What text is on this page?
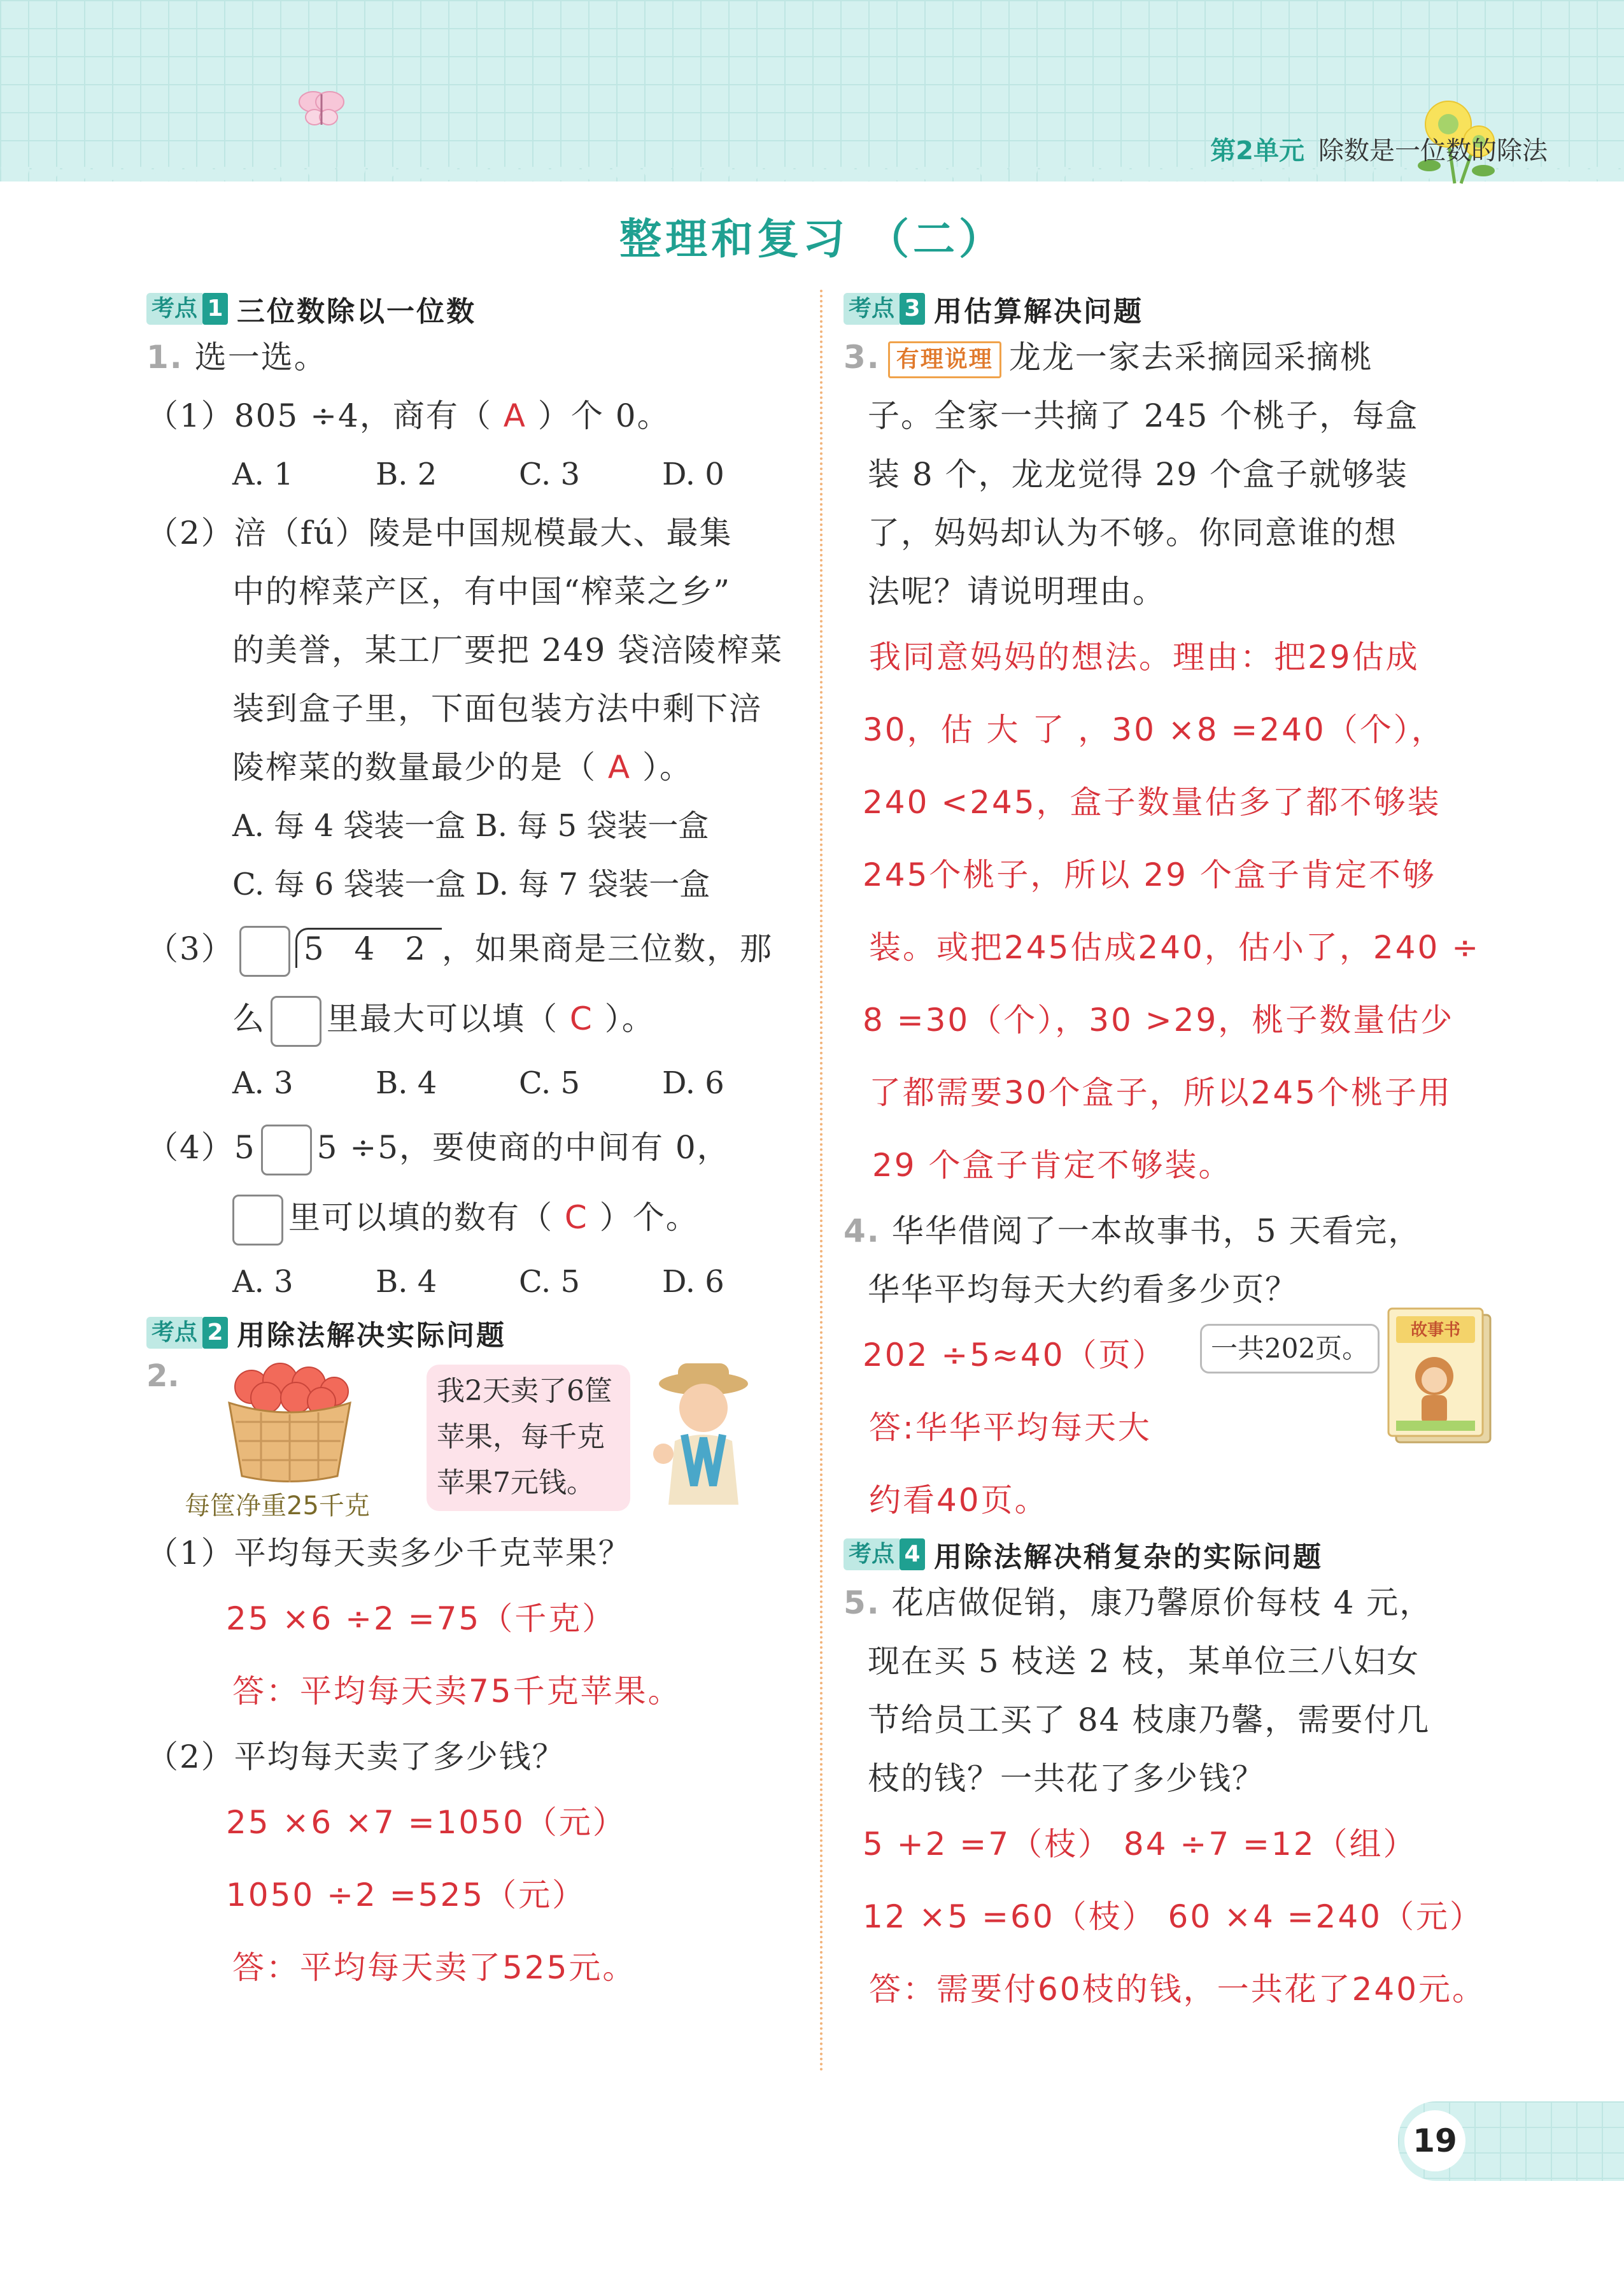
第2单元 除数是一位数的除法
整理和复习 （二）
考点 1 三位数除以一位数
1. 选一选。
（1）805 ÷4，商有（ A ）个 0。
A. 1	B. 2	C. 3	D. 0
（2）涪（fú）陵是中国规模最大、最集
中的榨菜产区，有中国“榨菜之乡”
的美誉，某工厂要把 249 袋涪陵榨菜
装到盒子里，下面包装方法中剩下涪
陵榨菜的数量最少的是（ A ）。
A. 每 4 袋装一盒 B. 每 5 袋装一盒
C. 每 6 袋装一盒 D. 每 7 袋装一盒
（3） 5 4 2 ，如果商是三位数，那
么 里最大可以填（ C ）。
A. 3	B. 4	C. 5	D. 6
（4）5 5 ÷5，要使商的中间有 0，
里可以填的数有（ C ）个。
A. 3	B. 4	C. 5	D. 6
考点 2 用除法解决实际问题
2.
每筐净重25千克
我2天卖了6筐
苹果，每千克
苹果7元钱。
（1）平均每天卖多少千克苹果？
25 ×6 ÷2 =75（千克）
答：平均每天卖75千克苹果。
（2）平均每天卖了多少钱？
25 ×6 ×7 =1050（元）
1050 ÷2 =525（元）
答：平均每天卖了525元。
考点 3 用估算解决问题
3. 有理说理 龙龙一家去采摘园采摘桃
子。全家一共摘了 245 个桃子，每盒
装 8 个，龙龙觉得 29 个盒子就够装
了，妈妈却认为不够。你同意谁的想
法呢？请说明理由。
我同意妈妈的想法。理由：把29估成
30，估 大 了 ，30 ×8 =240（个），
240 <245，盒子数量估多了都不够装
245个桃子，所以 29 个盒子肯定不够
装。或把245估成240，估小了，240 ÷
8 =30（个），30 >29，桃子数量估少
了都需要30个盒子，所以245个桃子用
29 个盒子肯定不够装。
4. 华华借阅了一本故事书，5 天看完，
华华平均每天大约看多少页？
202 ÷5≈40（页）
答:华华平均每天大
约看40页。
一共202页。
故事书
考点 4 用除法解决稍复杂的实际问题
5. 花店做促销，康乃馨原价每枝 4 元，
现在买 5 枝送 2 枝，某单位三八妇女
节给员工买了 84 枝康乃馨，需要付几
枝的钱？一共花了多少钱？
5 +2 =7（枝） 84 ÷7 =12（组）
12 ×5 =60（枝） 60 ×4 =240（元）
答：需要付60枝的钱，一共花了240元。
19
